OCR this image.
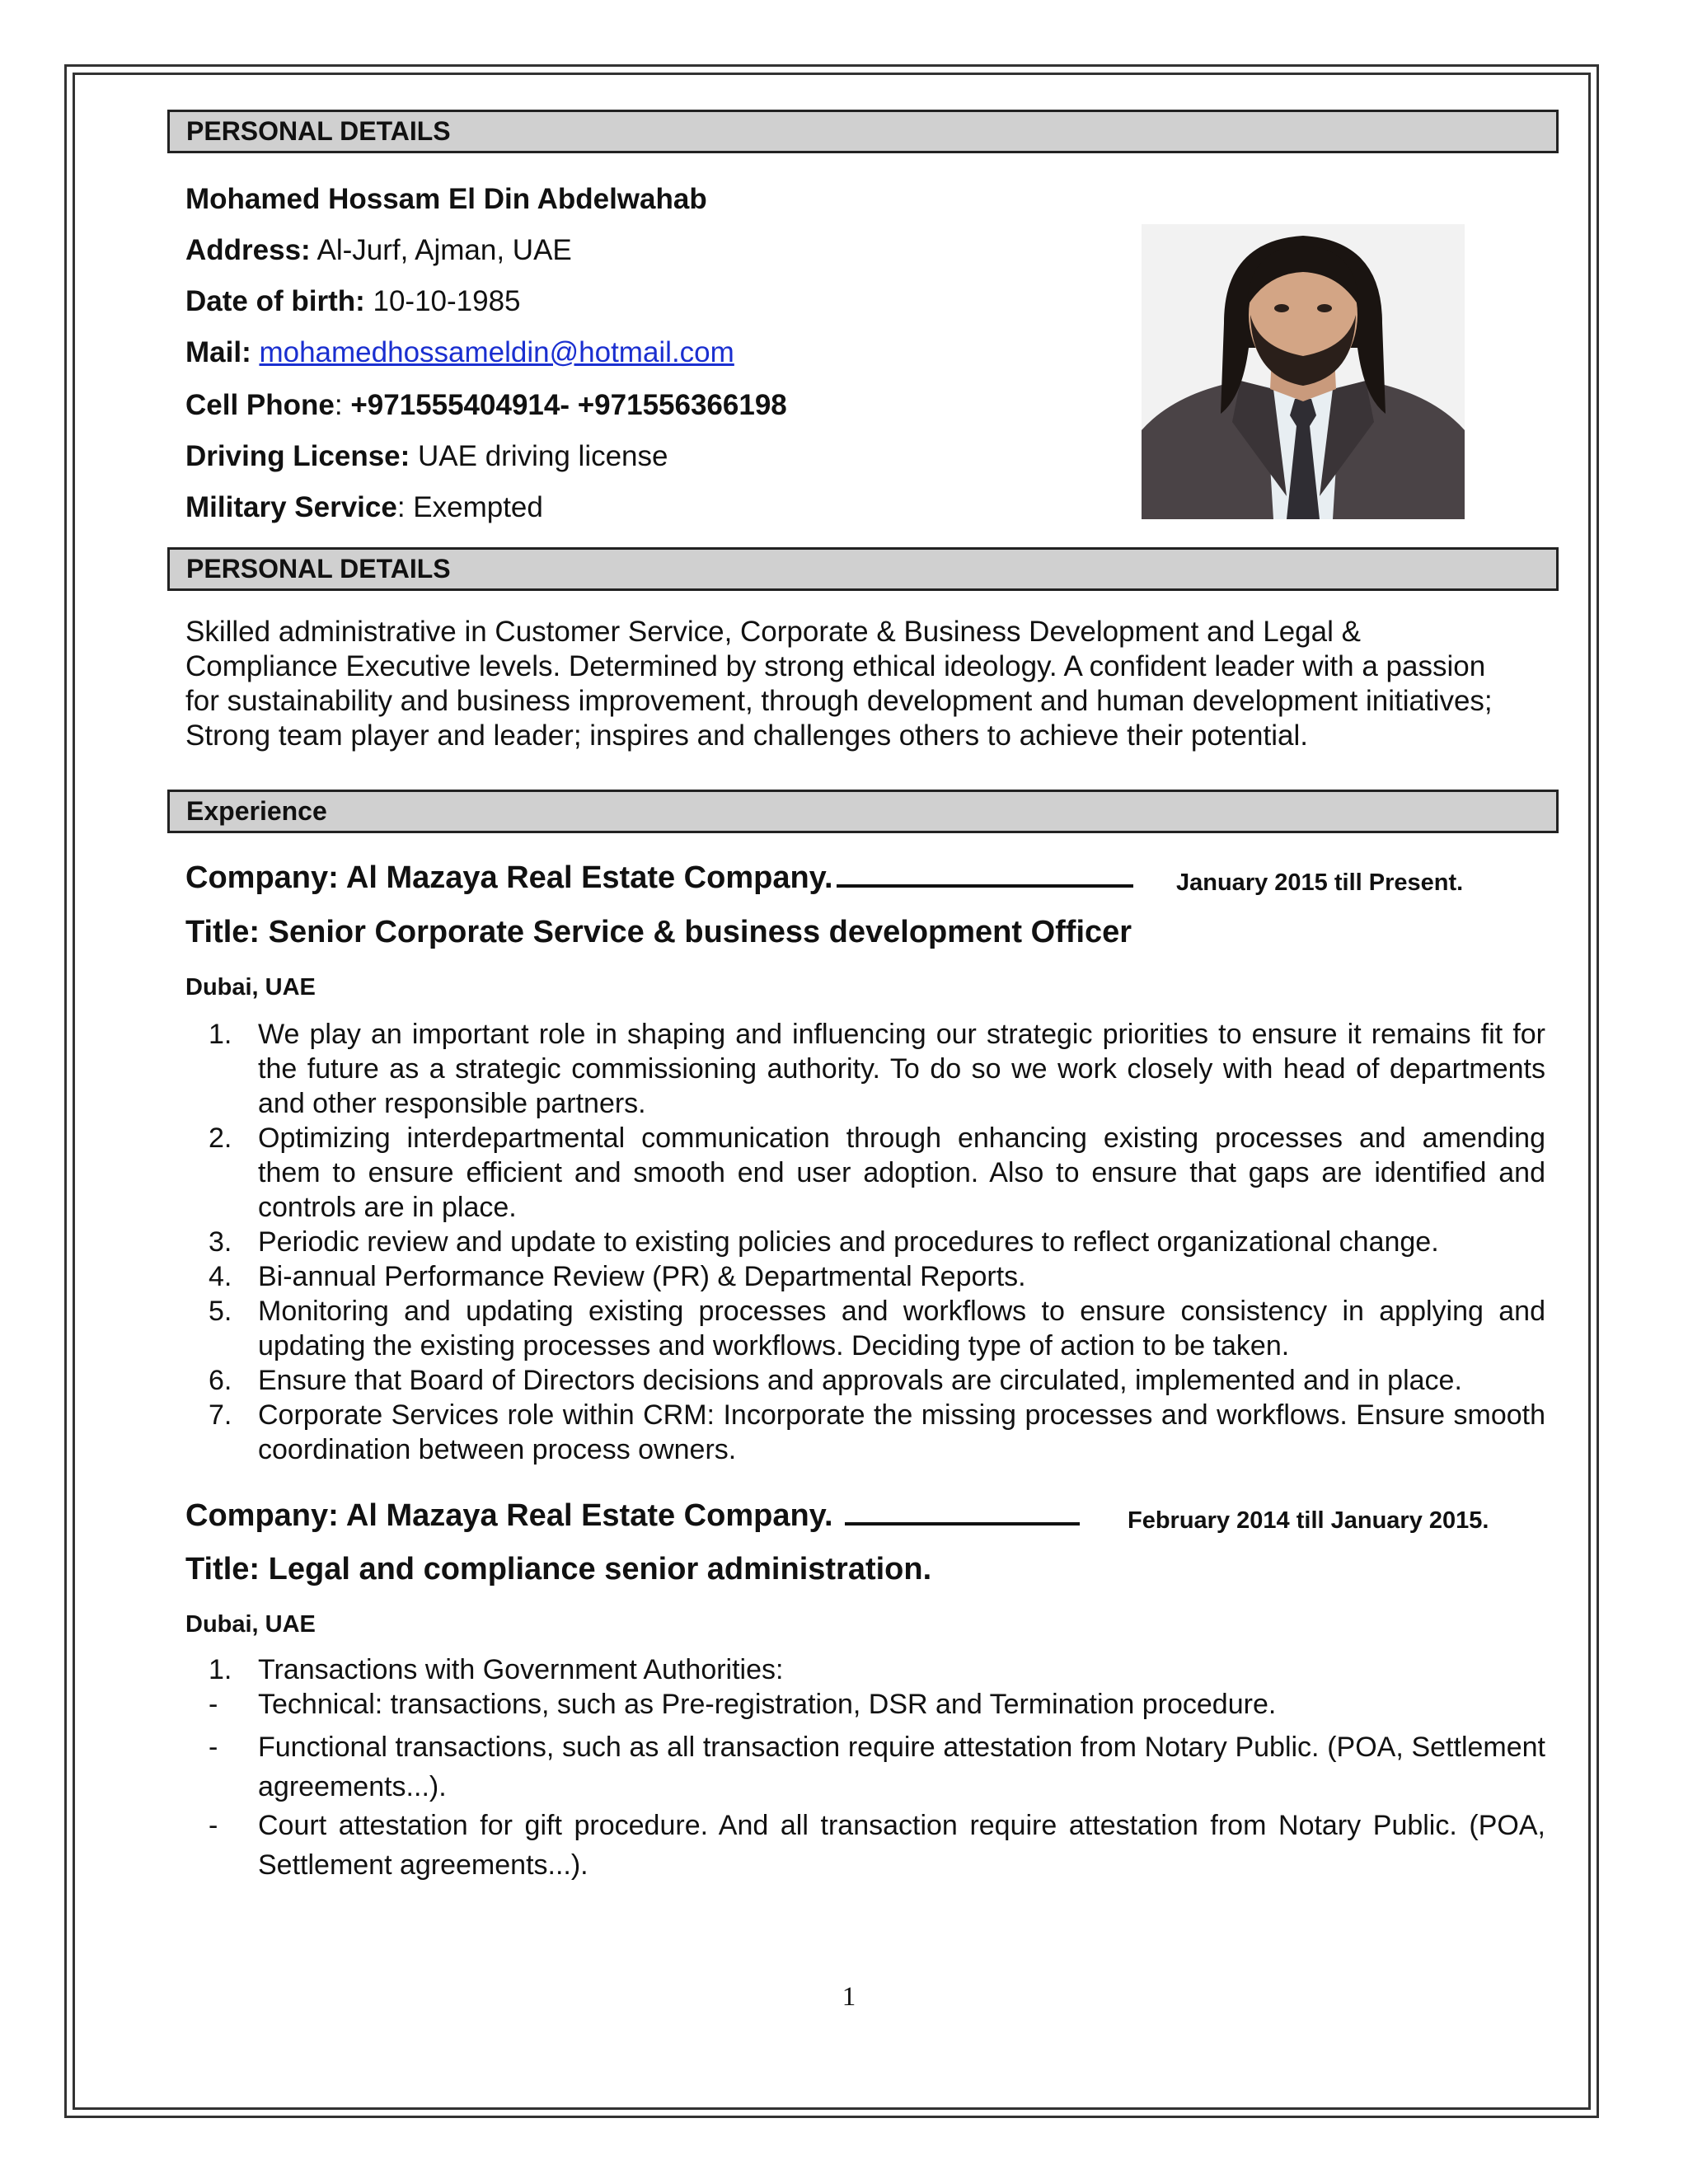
PERSONAL DETAILS
Mohamed Hossam El Din Abdelwahab
Address: Al-Jurf, Ajman, UAE
Date of birth: 10-10-1985
Mail: mohamedhossameldin@hotmail.com
Cell Phone: +971555404914- +971556366198
Driving License: UAE driving license
Military Service: Exempted
PERSONAL DETAILS
Skilled administrative in Customer Service, Corporate & Business Development and Legal &
Compliance Executive levels. Determined by strong ethical ideology. A confident leader with a passion
for sustainability and business improvement, through development and human development initiatives;
Strong team player and leader; inspires and challenges others to achieve their potential.
Experience
Company: Al Mazaya Real Estate Company.	January 2015 till Present.
Title: Senior Corporate Service & business development Officer
Dubai, UAE
1. We play an important role in shaping and influencing our strategic priorities to ensure it remains fit for the future as a strategic commissioning authority. To do so we work closely with head of departments and other responsible partners.
2. Optimizing interdepartmental communication through enhancing existing processes and amending them to ensure efficient and smooth end user adoption. Also to ensure that gaps are identified and controls are in place.
3. Periodic review and update to existing policies and procedures to reflect organizational change.
4. Bi-annual Performance Review (PR) & Departmental Reports.
5. Monitoring and updating existing processes and workflows to ensure consistency in applying and updating the existing processes and workflows. Deciding type of action to be taken.
6. Ensure that Board of Directors decisions and approvals are circulated, implemented and in place.
7. Corporate Services role within CRM: Incorporate the missing processes and workflows. Ensure smooth coordination between process owners.
Company: Al Mazaya Real Estate Company.	February 2014 till January 2015.
Title: Legal and compliance senior administration.
Dubai, UAE
1. Transactions with Government Authorities:
- Technical: transactions, such as Pre-registration, DSR and Termination procedure.
- Functional transactions, such as all transaction require attestation from Notary Public. (POA, Settlement agreements...).
- Court attestation for gift procedure. And all transaction require attestation from Notary Public. (POA, Settlement agreements...).
1
